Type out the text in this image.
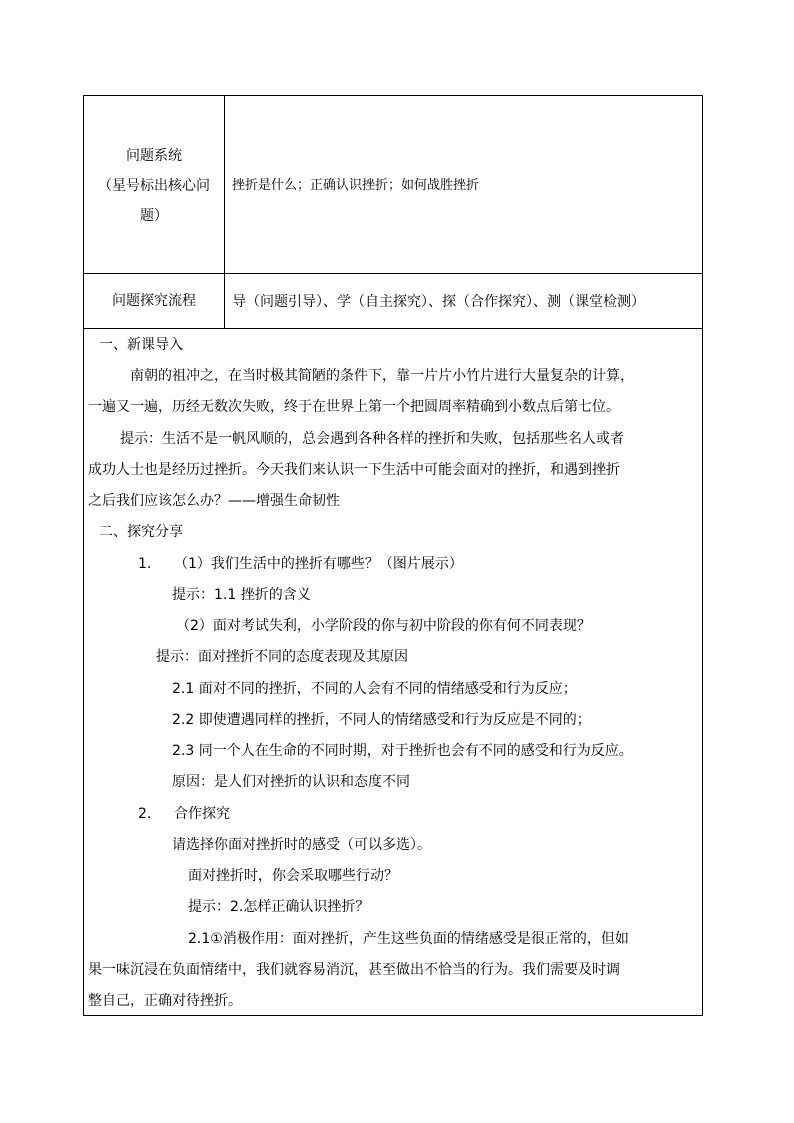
问题系统
（星号标出核心问
题）
挫折是什么；正确认识挫折；如何战胜挫折
问题探究流程	导（问题引导）、学（自主探究）、探（合作探究）、测（课堂检测）
一、新课导入
南朝的祖冲之，在当时极其简陋的条件下，靠一片片小竹片进行大量复杂的计算，
一遍又一遍，历经无数次失败，终于在世界上第一个把圆周率精确到小数点后第七位。
提示：生活不是一帆风顺的，总会遇到各种各样的挫折和失败，包括那些名人或者
成功人士也是经历过挫折。今天我们来认识一下生活中可能会面对的挫折，和遇到挫折
之后我们应该怎么办？——增强生命韧性
二、探究分享
1. （1）我们生活中的挫折有哪些？（图片展示）
提示：1.1 挫折的含义
（2）面对考试失利，小学阶段的你与初中阶段的你有何不同表现？
提示：面对挫折不同的态度表现及其原因
2.1 面对不同的挫折，不同的人会有不同的情绪感受和行为反应；
2.2 即使遭遇同样的挫折，不同人的情绪感受和行为反应是不同的；
2.3 同一个人在生命的不同时期，对于挫折也会有不同的感受和行为反应。
原因：是人们对挫折的认识和态度不同
2. 合作探究
请选择你面对挫折时的感受（可以多选）。
面对挫折时，你会采取哪些行动？
提示：2.怎样正确认识挫折？
2.1①消极作用：面对挫折，产生这些负面的情绪感受是很正常的，但如
果一味沉浸在负面情绪中，我们就容易消沉，甚至做出不恰当的行为。我们需要及时调
整自己，正确对待挫折。
